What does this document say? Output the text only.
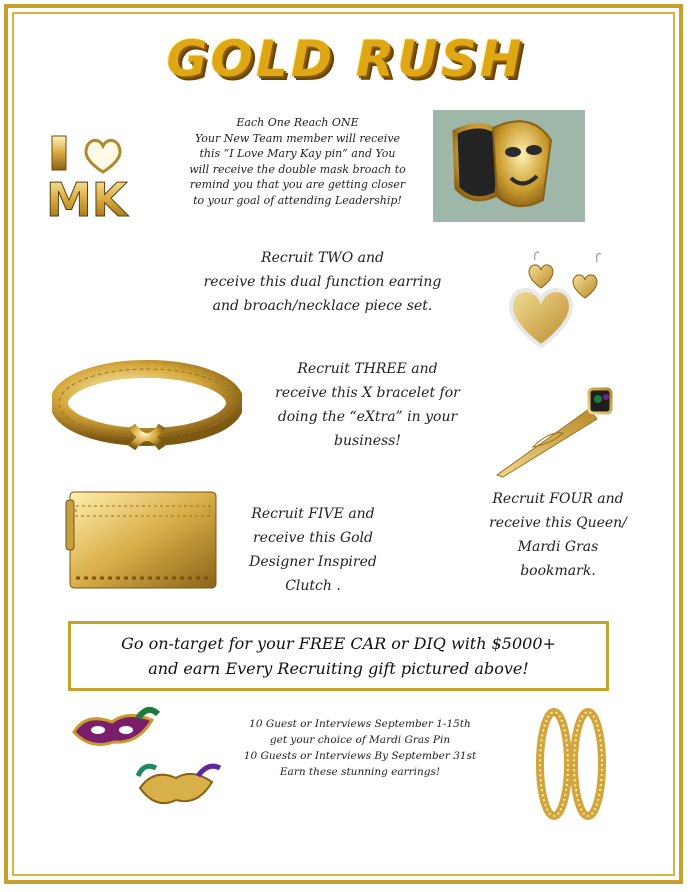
GOLD RUSH
MK
Each One Reach ONE
Your New Team member will receive
this “I Love Mary Kay pin” and You
will receive the double mask broach to
remind you that you are getting closer
to your goal of attending Leadership!
Recruit TWO and
receive this dual function earring
and broach/necklace piece set.
Recruit THREE and
receive this X bracelet for
doing the “eXtra” in your
business!
Recruit FIVE and
receive this Gold
Designer Inspired
Clutch .
Recruit FOUR and
receive this Queen/
Mardi Gras
bookmark.
Go on-target for your FREE CAR or DIQ with $5000+
and earn Every Recruiting gift pictured above!
10 Guest or Interviews September 1-15th
get your choice of Mardi Gras Pin
10 Guests or Interviews By September 31st
Earn these stunning earrings!
